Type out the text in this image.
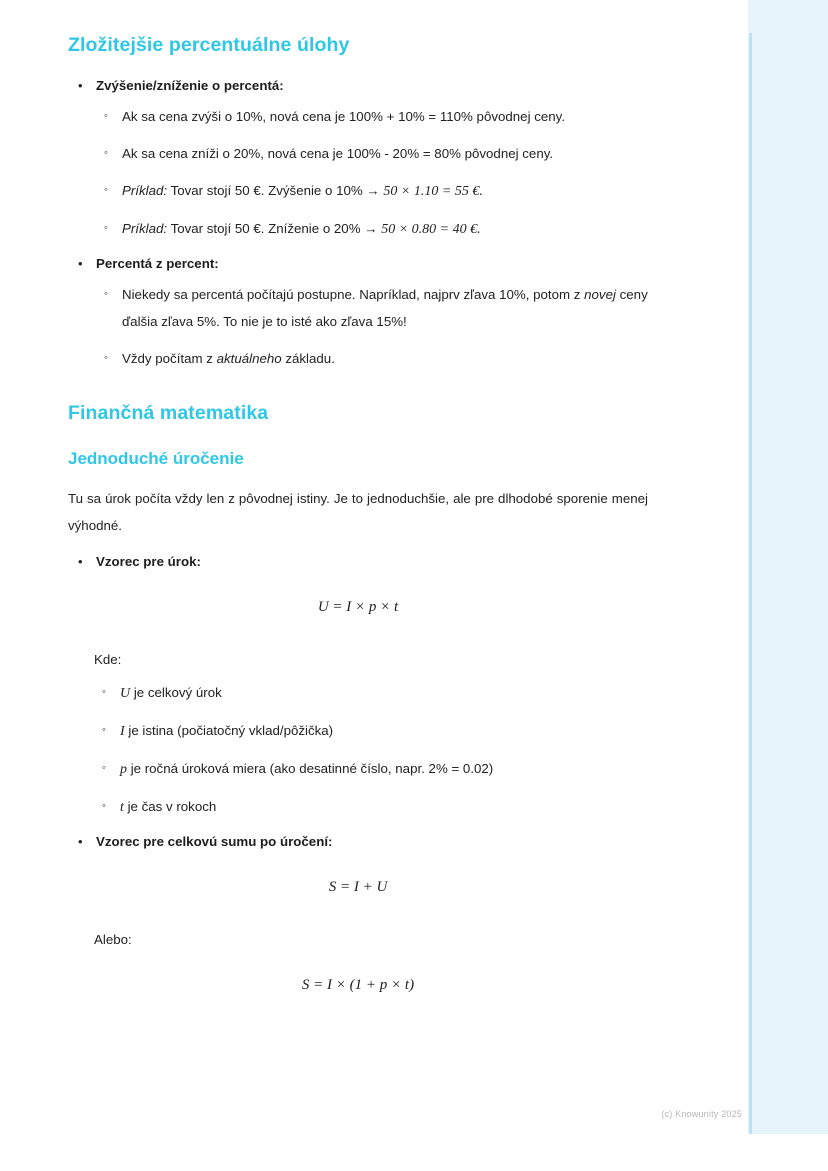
Zložitejšie percentuálne úlohy
• Zvýšenie/zníženie o percentá:
◦ Ak sa cena zvýši o 10%, nová cena je 100% + 10% = 110% pôvodnej ceny.
◦ Ak sa cena zníži o 20%, nová cena je 100% - 20% = 80% pôvodnej ceny.
◦ Príklad: Tovar stojí 50 €. Zvýšenie o 10% → 50 × 1.10 = 55 €.
◦ Príklad: Tovar stojí 50 €. Zníženie o 20% → 50 × 0.80 = 40 €.
• Percentá z percent:
◦ Niekedy sa percentá počítajú postupne. Napríklad, najprv zľava 10%, potom z novej ceny ďalšia zľava 5%. To nie je to isté ako zľava 15%!
◦ Vždy počítam z aktuálneho základu.
Finančná matematika
Jednoduché úročenie

Tu sa úrok počíta vždy len z pôvodnej istiny. Je to jednoduchšie, ale pre dlhodobé sporenie menej výhodné.

• Vzorec pre úrok:
U = I × p × t
Kde:
◦ U je celkový úrok
◦ I je istina (počiatočný vklad/pôžička)
◦ p je ročná úroková miera (ako desatinné číslo, napr. 2% = 0.02)
◦ t je čas v rokoch
• Vzorec pre celkovú sumu po úročení:
S = I + U
Alebo:
S = I × (1 + p × t)
(c) Knowunity 2025
